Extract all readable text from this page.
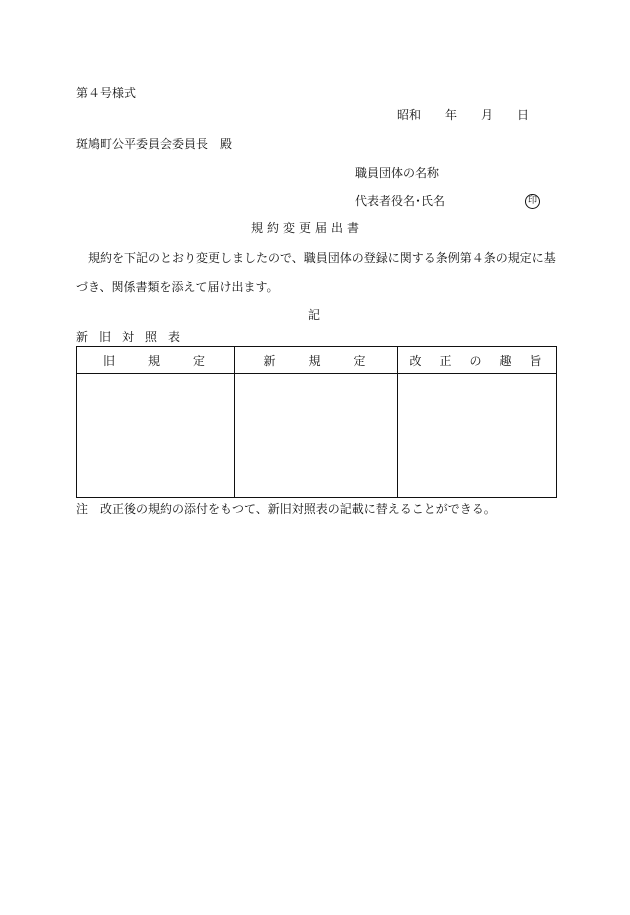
第４号様式
昭和　　年　　月　　日
斑鳩町公平委員会委員長　殿
職員団体の名称
代表者役名･氏名	印
規約変更届出書
規約を下記のとおり変更しましたので、職員団体の登録に関する条例第４条の規定に基
づき、関係書類を添えて届け出ます。
記
新旧対照表
旧　　規　　定	新　　規　　定	改　正　の　趣　旨

注　改正後の規約の添付をもつて、新旧対照表の記載に替えることができる。
